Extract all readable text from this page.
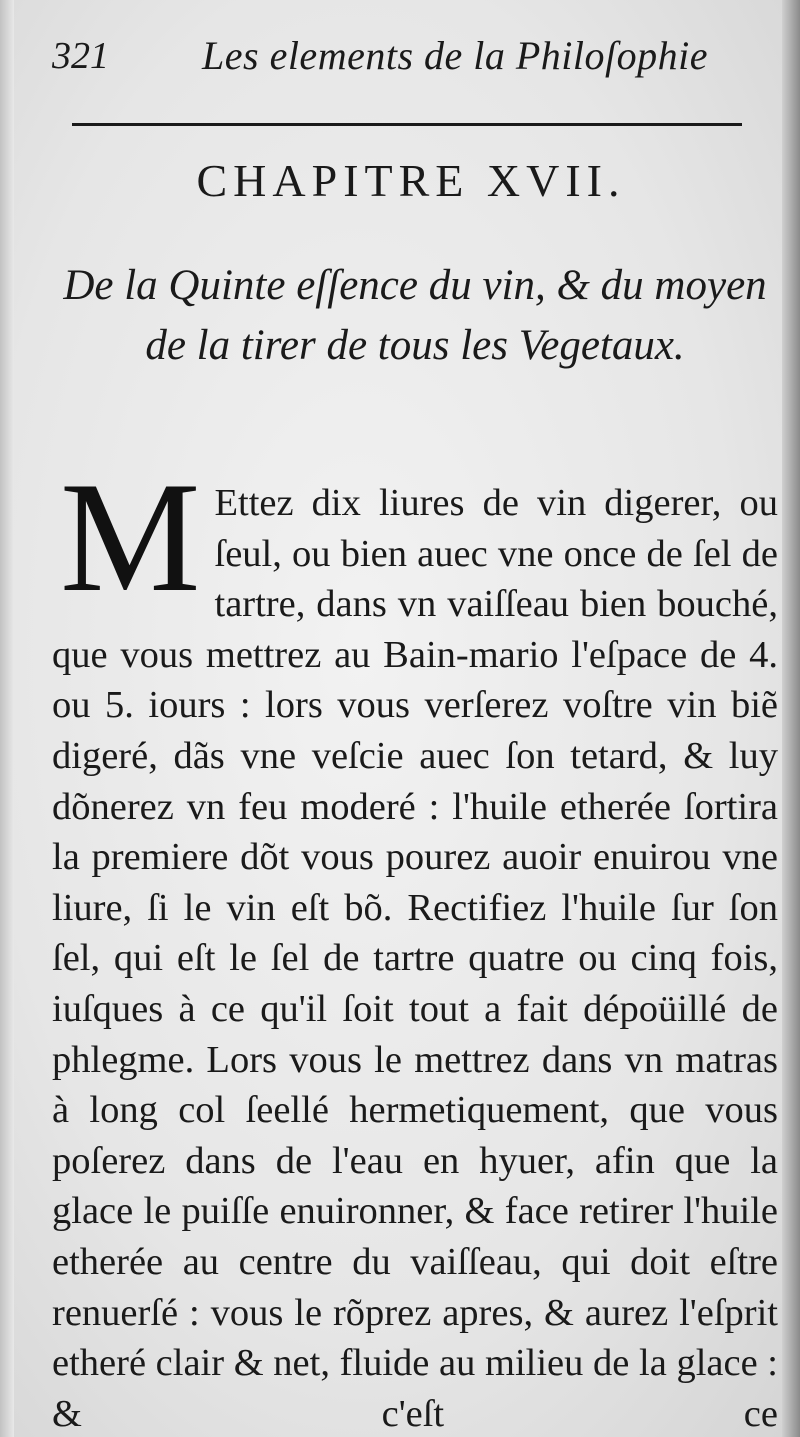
321 Les elements de la Philoſophie
CHAPITRE XVII.

De la Quinte eſſence du vin, & du moyen de la tirer de tous les Vegetaux.

M Ettez dix liures de vin digerer, ou ſeul, ou bien auec vne once de ſel de tartre, dans vn vaiſſeau bien bouché, que vous mettrez au Bain-mario l'eſpace de 4. ou 5. iours : lors vous verſerez voſtre vin biẽ digeré, dãs vne veſcie auec ſon tetard, & luy dõnerez vn feu moderé : l'huile etherée ſortira la premiere dõt vous pourez auoir enuirou vne liure, ſi le vin eſt bõ. Rectifiez l'huile ſur ſon ſel, qui eſt le ſel de tartre quatre ou cinq fois, iuſques à ce qu'il ſoit tout a fait dépoüillé de phlegme. Lors vous le mettrez dans vn matras à long col ſeellé hermetiquement, que vous poſerez dans de l'eau en hyuer, afin que la glace le puiſſe enuironner, & face retirer l'huile etherée au centre du vaiſſeau, qui doit eſtre renuerſé : vous le rõprez apres, & aurez l'eſprit etheré clair & net, fluide au milieu de la glace : & c'eſt ce
